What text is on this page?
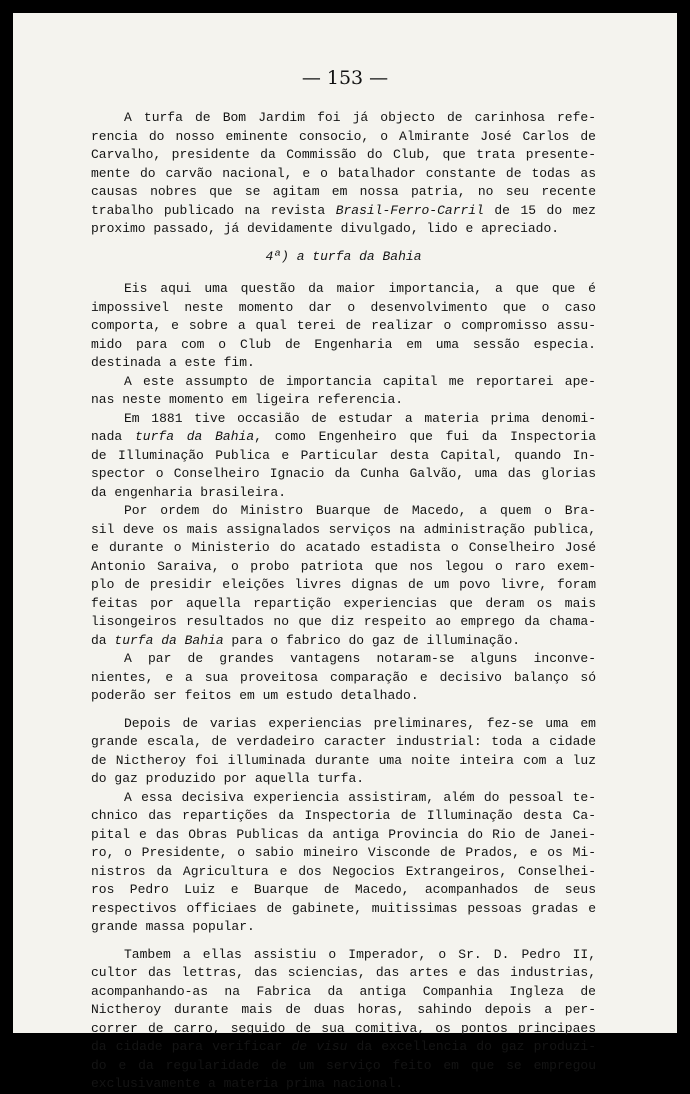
— 153 —
A turfa de Bom Jardim foi já objecto de carinhosa refe-
rencia do nosso eminente consocio, o Almirante José Carlos de
Carvalho, presidente da Commissão do Club, que trata presente-
mente do carvão nacional, e o batalhador constante de todas as
causas nobres que se agitam em nossa patria, no seu recente
trabalho publicado na revista Brasil-Ferro-Carril de 15 do mez
proximo passado, já devidamente divulgado, lido e apreciado.
4ª) a turfa da Bahia
Eis aqui uma questão da maior importancia, a que que é
impossivel neste momento dar o desenvolvimento que o caso
comporta, e sobre a qual terei de realizar o compromisso assu-
mido para com o Club de Engenharia em uma sessão especia.
destinada a este fim.
A este assumpto de importancia capital me reportarei ape-
nas neste momento em ligeira referencia.
Em 1881 tive occasião de estudar a materia prima denomi-
nada turfa da Bahia, como Engenheiro que fui da Inspectoria
de Illuminação Publica e Particular desta Capital, quando In-
spector o Conselheiro Ignacio da Cunha Galvão, uma das glorias
da engenharia brasileira.
Por ordem do Ministro Buarque de Macedo, a quem o Bra-
sil deve os mais assignalados serviços na administração publica,
e durante o Ministerio do acatado estadista o Conselheiro José
Antonio Saraiva, o probo patriota que nos legou o raro exem-
plo de presidir eleições livres dignas de um povo livre, foram
feitas por aquella repartição experiencias que deram os mais
lisongeiros resultados no que diz respeito ao emprego da chama-
da turfa da Bahia para o fabrico do gaz de illuminação.
A par de grandes vantagens notaram-se alguns inconve-
nientes, e a sua proveitosa comparação e decisivo balanço só
poderão ser feitos em um estudo detalhado.
Depois de varias experiencias preliminares, fez-se uma em
grande escala, de verdadeiro caracter industrial: toda a cidade
de Nictheroy foi illuminada durante uma noite inteira com a luz
do gaz produzido por aquella turfa.
A essa decisiva experiencia assistiram, além do pessoal te-
chnico das repartições da Inspectoria de Illuminação desta Ca-
pital e das Obras Publicas da antiga Provincia do Rio de Janei-
ro, o Presidente, o sabio mineiro Visconde de Prados, e os Mi-
nistros da Agricultura e dos Negocios Extrangeiros, Conselhei-
ros Pedro Luiz e Buarque de Macedo, acompanhados de seus
respectivos officiaes de gabinete, muitissimas pessoas gradas e
grande massa popular.
Tambem a ellas assistiu o Imperador, o Sr. D. Pedro II,
cultor das lettras, das sciencias, das artes e das industrias,
acompanhando-as na Fabrica da antiga Companhia Ingleza de
Nictheroy durante mais de duas horas, sahindo depois a per-
correr de carro, seguido de sua comitiva, os pontos principaes
da cidade para verificar de visu da excellencia do gaz produzi-
do e da regularidade de um serviço feito em que se empregou
exclusivamente a materia prima nacional.
